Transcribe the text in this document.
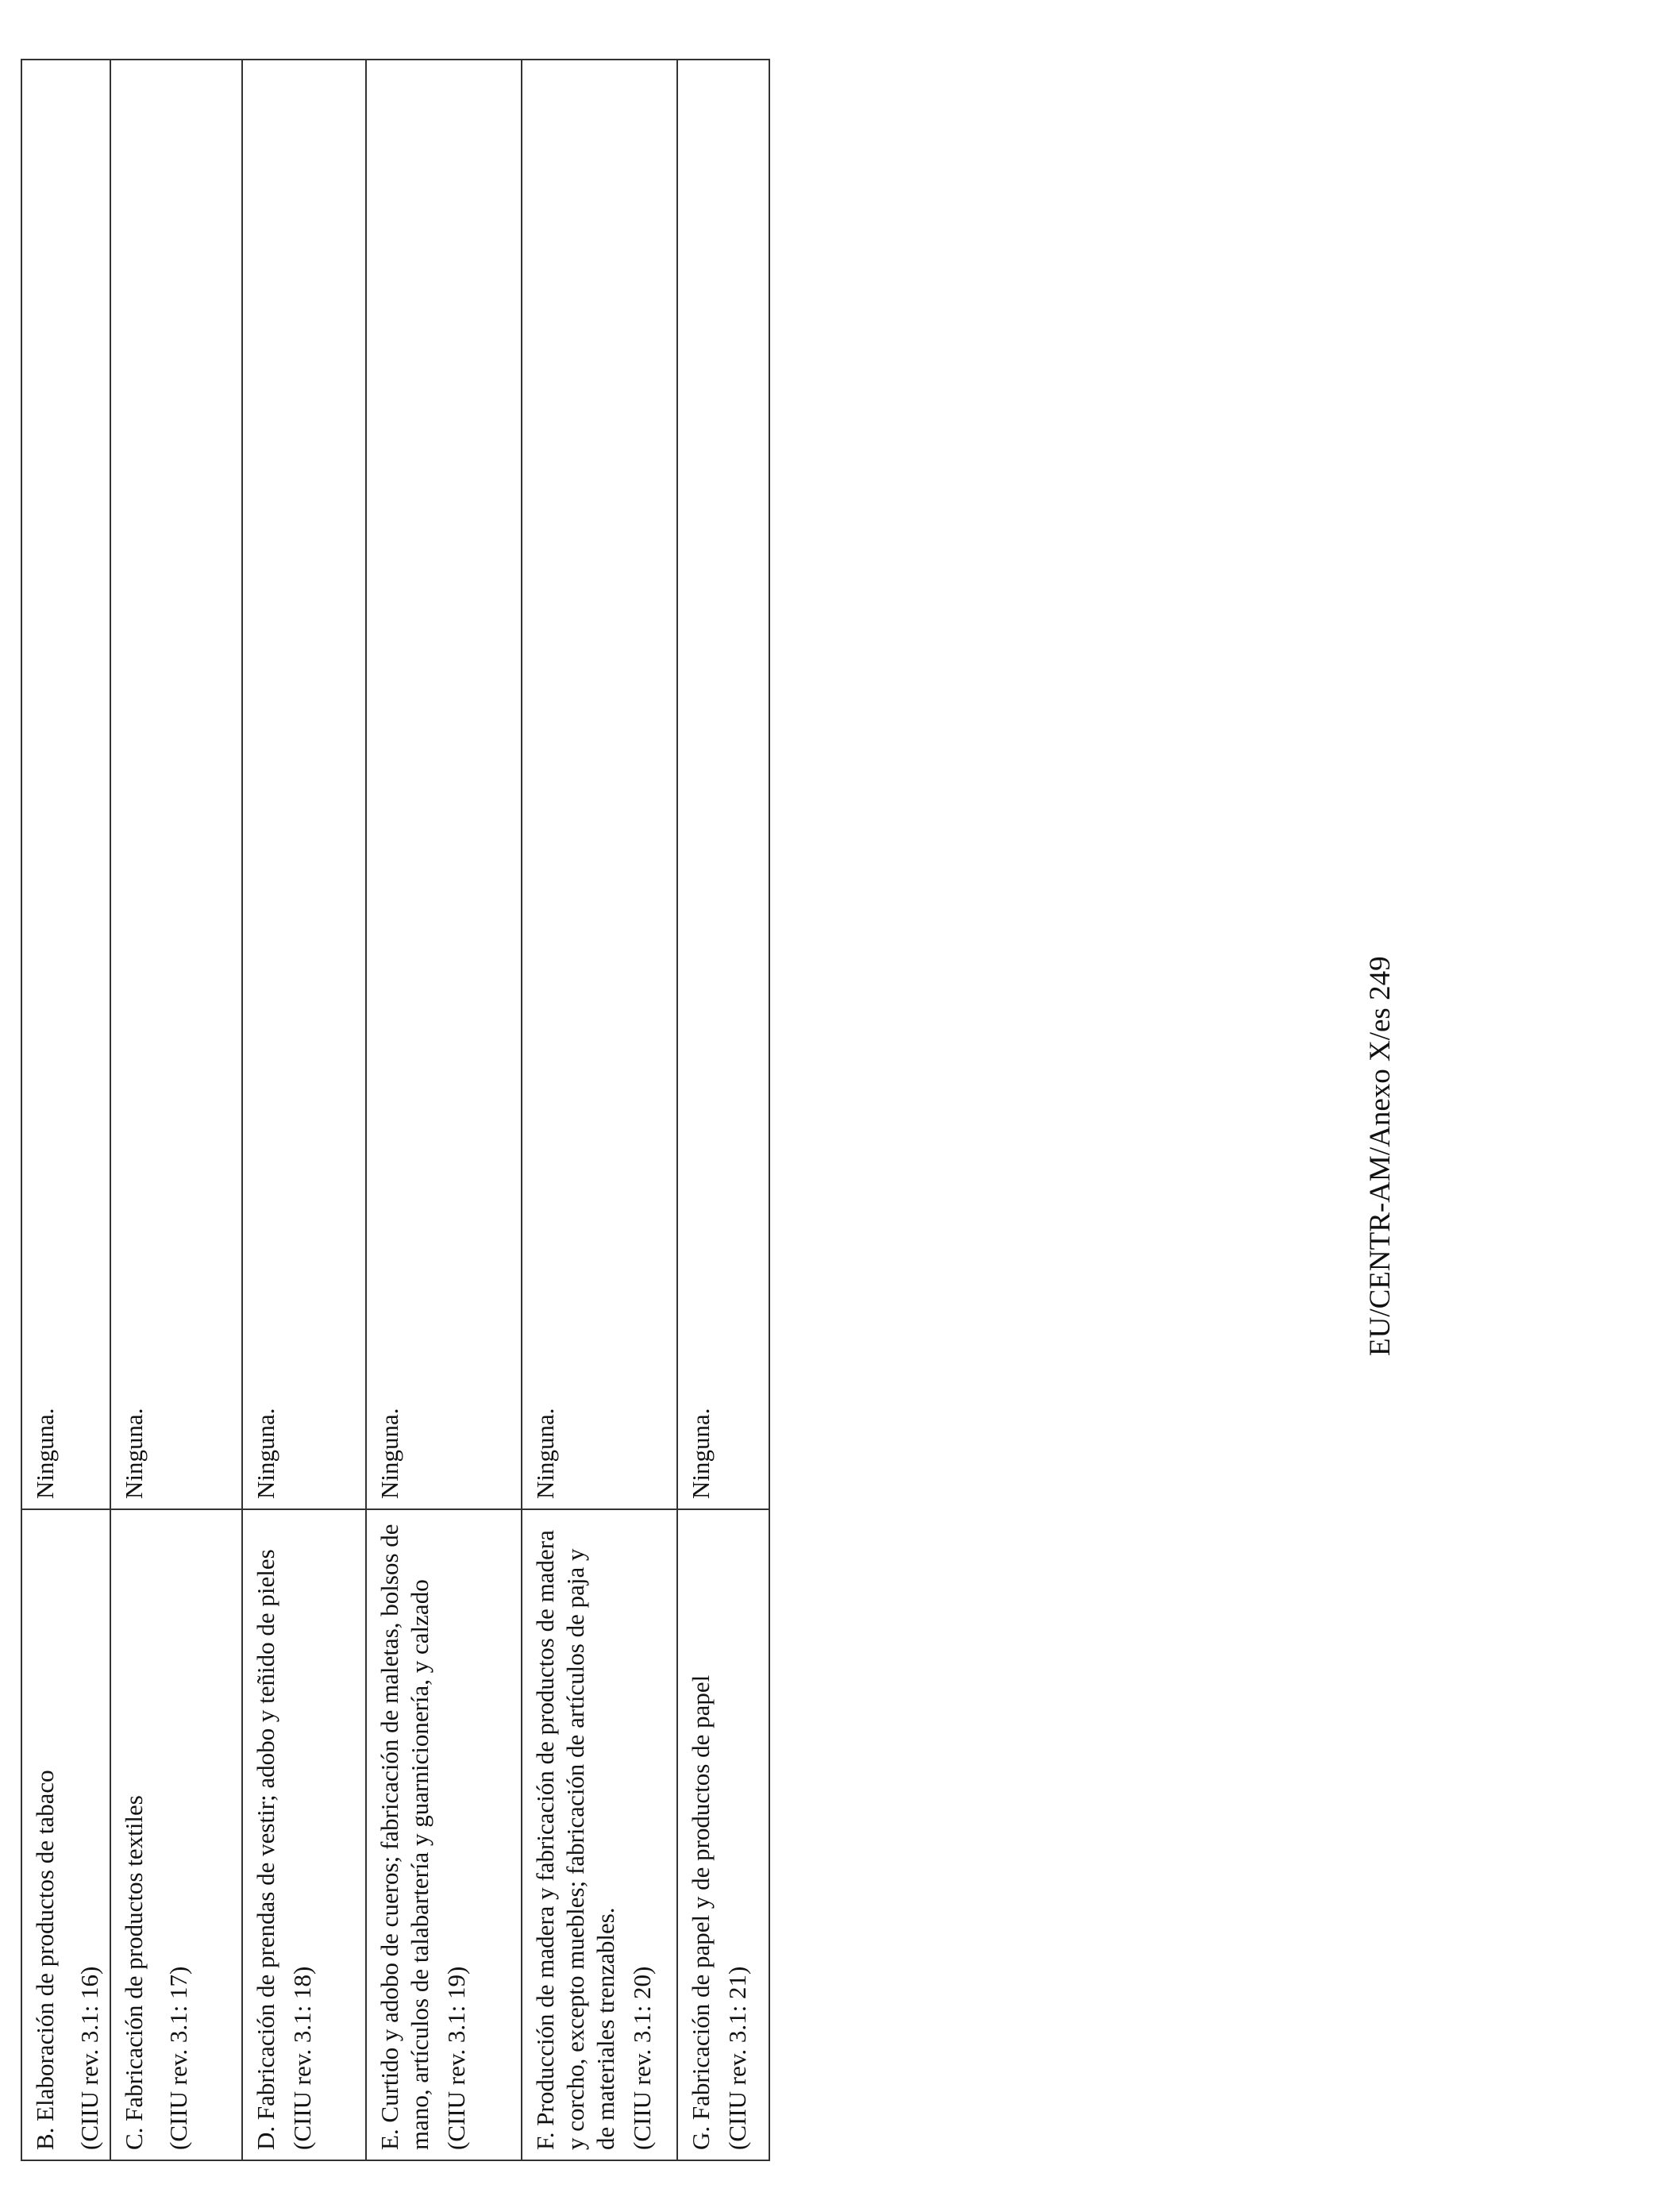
B. Elaboración de productos de tabaco (CIIU rev. 3.1: 16)	Ninguna.

C. Fabricación de productos textiles (CIIU rev. 3.1: 17)	Ninguna.

D. Fabricación de prendas de vestir; adobo y teñido de pieles (CIIU rev. 3.1: 18)	Ninguna.

E. Curtido y adobo de cueros; fabricación de maletas, bolsos de mano, artículos de talabartería y guarnicionería, y calzado (CIIU rev. 3.1: 19)	Ninguna.

F. Producción de madera y fabricación de productos de madera y corcho, excepto muebles; fabricación de artículos de paja y de materiales trenzables. (CIIU rev. 3.1: 20)	Ninguna.

G. Fabricación de papel y de productos de papel (CIIU rev. 3.1: 21)	Ninguna.
EU/CENTR-AM/Anexo X/es 249
